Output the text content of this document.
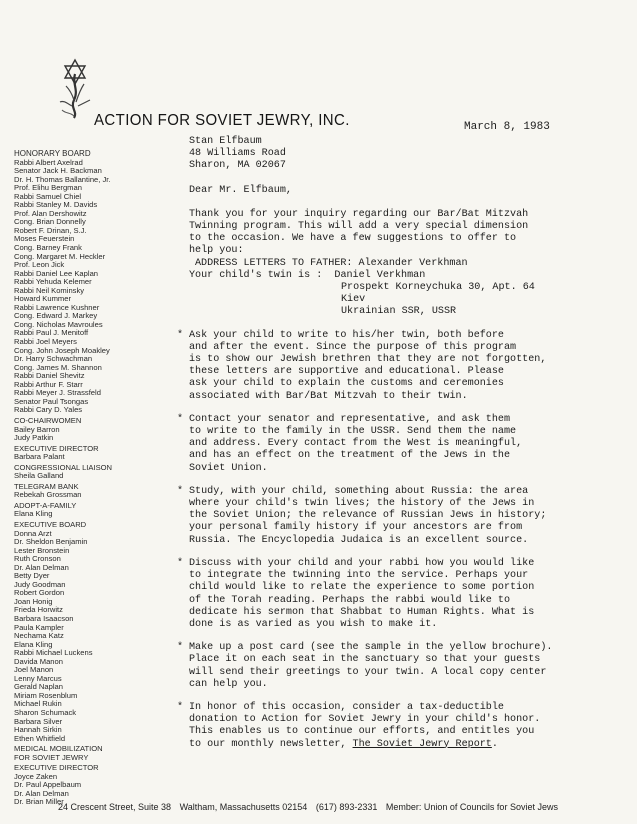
ACTION FOR SOVIET JEWRY, INC.	March 8, 1983
HONORARY BOARD
Rabbi Albert Axelrad
Senator Jack H. Backman
Dr. H. Thomas Ballantine, Jr.
Prof. Elihu Bergman
Rabbi Samuel Chiel
Rabbi Stanley M. Davids
Prof. Alan Dershowitz
Cong. Brian Donnelly
Robert F. Drinan, S.J.
Moses Feuerstein
Cong. Barney Frank
Cong. Margaret M. Heckler
Prof. Leon Jick
Rabbi Daniel Lee Kaplan
Rabbi Yehuda Kelemer
Rabbi Neil Kominsky
Howard Kummer
Rabbi Lawrence Kushner
Cong. Edward J. Markey
Cong. Nicholas Mavroules
Rabbi Paul J. Menitoff
Rabbi Joel Meyers
Cong. John Joseph Moakley
Dr. Harry Schwachman
Cong. James M. Shannon
Rabbi Daniel Shevitz
Rabbi Arthur F. Starr
Rabbi Meyer J. Strassfeld
Senator Paul Tsongas
Rabbi Cary D. Yales
CO-CHAIRWOMEN
Bailey Barron
Judy Patkin
EXECUTIVE DIRECTOR
Barbara Palant
CONGRESSIONAL LIAISON
Sheila Galland
TELEGRAM BANK
Rebekah Grossman
ADOPT-A-FAMILY
Elana Kling
EXECUTIVE BOARD
Donna Arzt
Dr. Sheldon Benjamin
Lester Bronstein
Ruth Cronson
Dr. Alan Delman
Betty Dyer
Judy Goodman
Robert Gordon
Joan Honig
Frieda Horwitz
Barbara Isaacson
Paula Kampler
Nechama Katz
Elana Kling
Rabbi Michael Luckens
Davida Manon
Joel Manon
Lenny Marcus
Gerald Naplan
Miriam Rosenblum
Michael Rukin
Sharon Schumack
Barbara Silver
Hannah Sirkin
Ethen Whitfield
MEDICAL MOBILIZATION FOR SOVIET JEWRY
EXECUTIVE DIRECTOR
Joyce Zaken
Dr. Paul Appelbaum
Dr. Alan Delman
Dr. Brian Miller
Stan Elfbaum
48 Williams Road
Sharon, MA 02067
Dear Mr. Elfbaum,
Thank you for your inquiry regarding our Bar/Bat Mitzvah
Twinning program. This will add a very special dimension
to the occasion. We have a few suggestions to offer to
help you:
ADDRESS LETTERS TO FATHER: Alexander Verkhman
Your child's twin is : Daniel Verkhman
Prospekt Korneychuka 30, Apt. 64
Kiev
Ukrainian SSR, USSR
* Ask your child to write to his/her twin, both before
and after the event. Since the purpose of this program
is to show our Jewish brethren that they are not forgotten,
these letters are supportive and educational. Please
ask your child to explain the customs and ceremonies
associated with Bar/Bat Mitzvah to their twin.
* Contact your senator and representative, and ask them
to write to the family in the USSR. Send them the name
and address. Every contact from the West is meaningful,
and has an effect on the treatment of the Jews in the
Soviet Union.
* Study, with your child, something about Russia: the area
where your child's twin lives; the history of the Jews in
the Soviet Union; the relevance of Russian Jews in history;
your personal family history if your ancestors are from
Russia. The Encyclopedia Judaica is an excellent source.
* Discuss with your child and your rabbi how you would like
to integrate the twinning into the service. Perhaps your
child would like to relate the experience to some portion
of the Torah reading. Perhaps the rabbi would like to
dedicate his sermon that Shabbat to Human Rights. What is
done is as varied as you wish to make it.
* Make up a post card (see the sample in the yellow brochure).
Place it on each seat in the sanctuary so that your guests
will send their greetings to your twin. A local copy center
can help you.
* In honor of this occasion, consider a tax-deductible
donation to Action for Soviet Jewry in your child's honor.
This enables us to continue our efforts, and entitles you
to our monthly newsletter, The Soviet Jewry Report.
24 Crescent Street, Suite 38 Waltham, Massachusetts 02154 (617) 893-2331 Member: Union of Councils for Soviet Jews
